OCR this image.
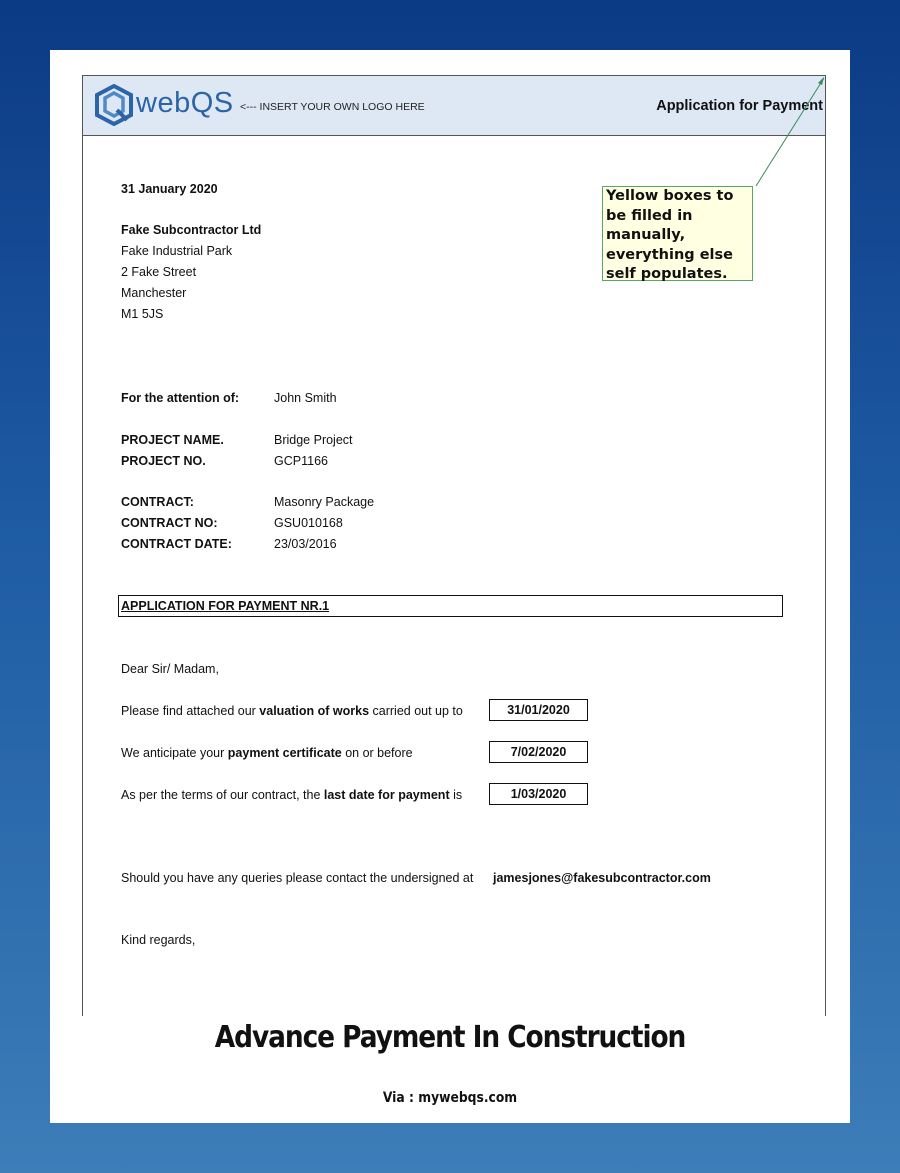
webQS <--- INSERT YOUR OWN LOGO HERE	Application for Payment
Yellow boxes to be filled in manually, everything else self populates.
31 January 2020
Fake Subcontractor Ltd
Fake Industrial Park
2 Fake Street
Manchester
M1 5JS
For the attention of:	John Smith
PROJECT NAME.	Bridge Project
PROJECT NO.	GCP1166
CONTRACT:	Masonry Package
CONTRACT NO:	GSU010168
CONTRACT DATE:	23/03/2016
APPLICATION FOR PAYMENT NR.1
Dear Sir/ Madam,
Please find attached our valuation of works carried out up to	31/01/2020
We anticipate your payment certificate on or before	7/02/2020
As per the terms of our contract, the last date for payment is	1/03/2020
Should you have any queries please contact the undersigned at jamesjones@fakesubcontractor.com
Kind regards,
Advance Payment In Construction
Via : mywebqs.com
